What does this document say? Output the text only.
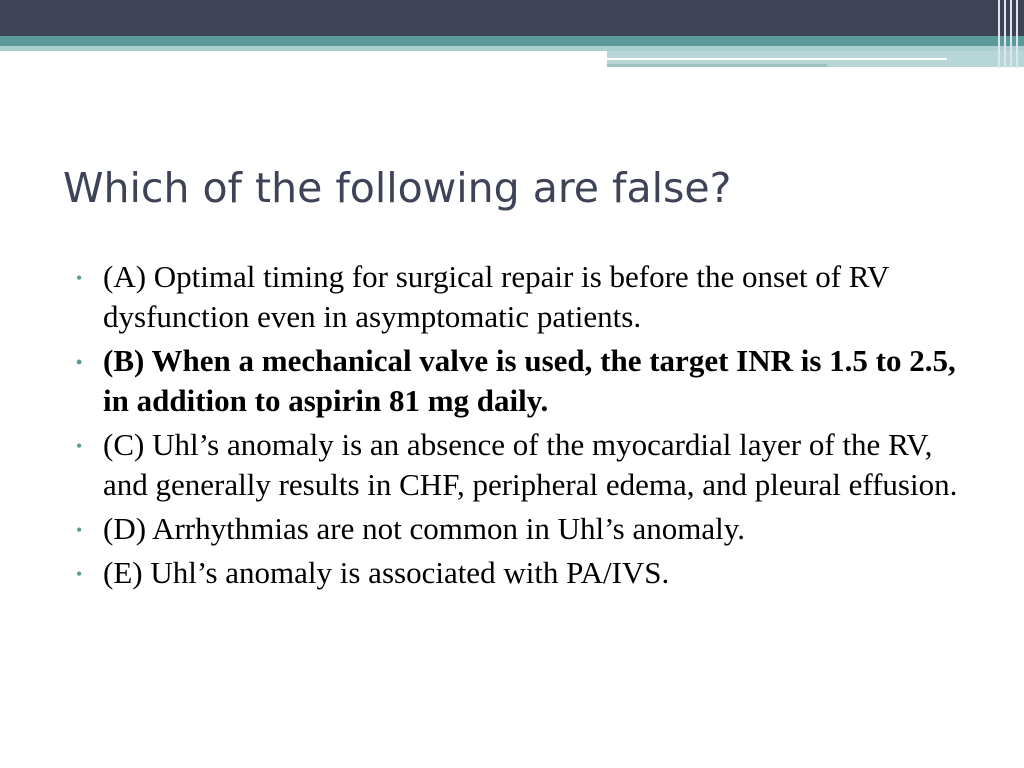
Which of the following are false?
• (A) Optimal timing for surgical repair is before the onset of RV dysfunction even in asymptomatic patients.
• (B) When a mechanical valve is used, the target INR is 1.5 to 2.5, in addition to aspirin 81 mg daily.
• (C) Uhl’s anomaly is an absence of the myocardial layer of the RV, and generally results in CHF, peripheral edema, and pleural effusion.
• (D) Arrhythmias are not common in Uhl’s anomaly.
• (E) Uhl’s anomaly is associated with PA/IVS.
